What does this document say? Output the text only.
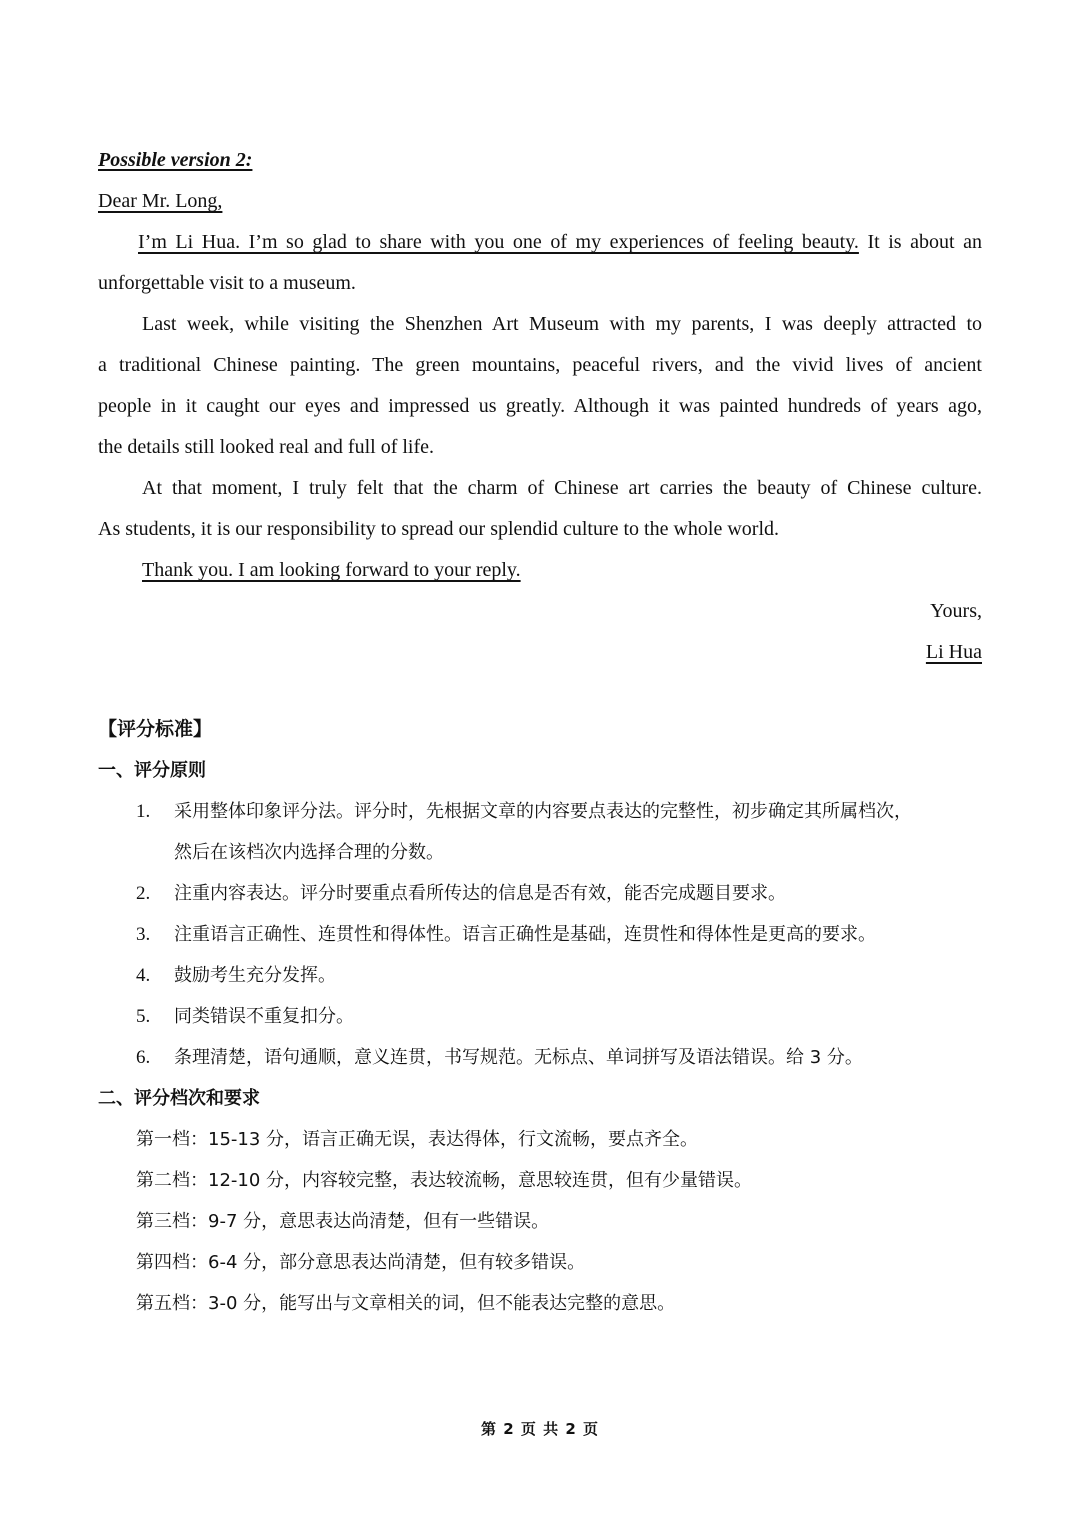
Possible version 2:
Dear Mr. Long,
I’m Li Hua. I’m so glad to share with you one of my experiences of feeling beauty. It is about an
unforgettable visit to a museum.
Last week, while visiting the Shenzhen Art Museum with my parents, I was deeply attracted to
a traditional Chinese painting. The green mountains, peaceful rivers, and the vivid lives of ancient
people in it caught our eyes and impressed us greatly. Although it was painted hundreds of years ago,
the details still looked real and full of life.
At that moment, I truly felt that the charm of Chinese art carries the beauty of Chinese culture.
As students, it is our responsibility to spread our splendid culture to the whole world.
Thank you. I am looking forward to your reply.
Yours,
Li Hua
【评分标准】
一、评分原则
1.	采用整体印象评分法。评分时，先根据文章的内容要点表达的完整性，初步确定其所属档次，
然后在该档次内选择合理的分数。
2.	注重内容表达。评分时要重点看所传达的信息是否有效，能否完成题目要求。
3.	注重语言正确性、连贯性和得体性。语言正确性是基础，连贯性和得体性是更高的要求。
4.	鼓励考生充分发挥。
5.	同类错误不重复扣分。
6.	条理清楚，语句通顺，意义连贯，书写规范。无标点、单词拼写及语法错误。给 3 分。
二、评分档次和要求
第一档：15-13 分，语言正确无误，表达得体，行文流畅，要点齐全。
第二档：12-10 分，内容较完整，表达较流畅，意思较连贯，但有少量错误。
第三档：9-7 分，意思表达尚清楚，但有一些错误。
第四档：6-4 分，部分意思表达尚清楚，但有较多错误。
第五档：3-0 分，能写出与文章相关的词，但不能表达完整的意思。
第 2 页 共 2 页
